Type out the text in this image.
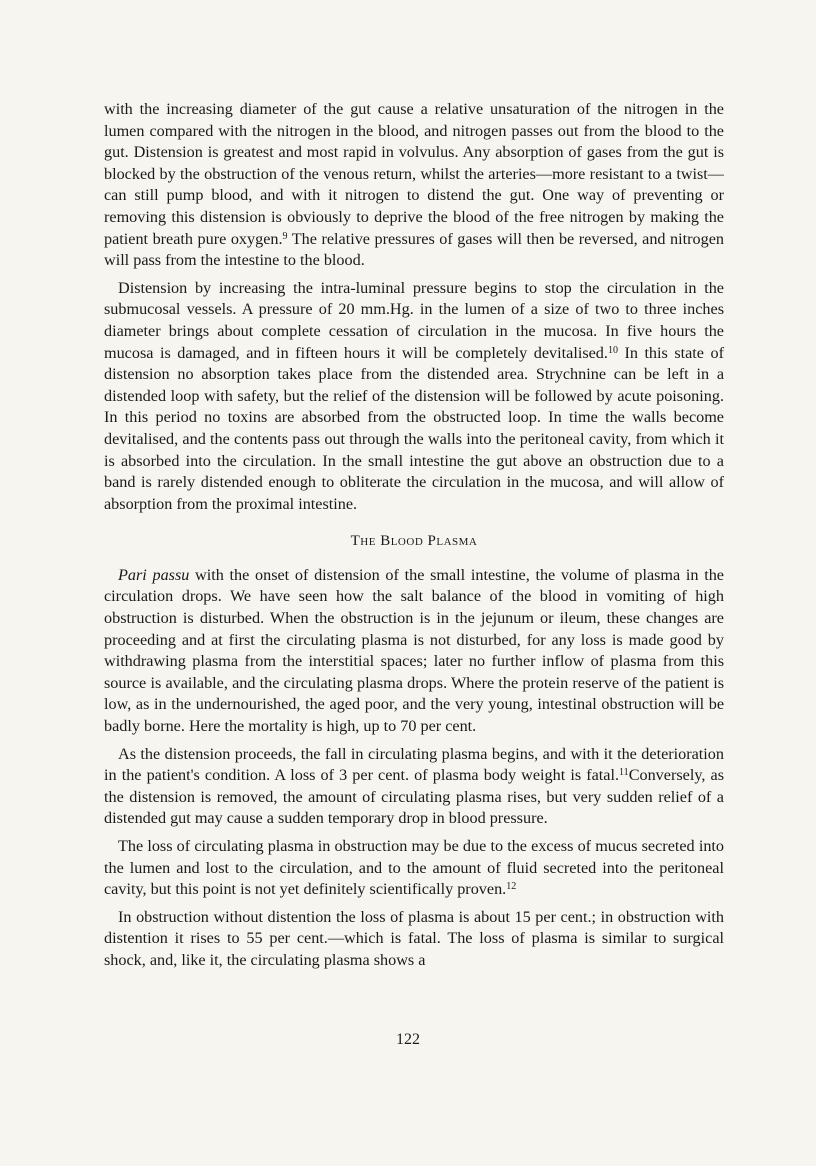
with the increasing diameter of the gut cause a relative unsaturation of the nitrogen in the lumen compared with the nitrogen in the blood, and nitrogen passes out from the blood to the gut. Distension is greatest and most rapid in volvulus. Any absorption of gases from the gut is blocked by the obstruction of the venous return, whilst the arteries—more resistant to a twist—can still pump blood, and with it nitrogen to distend the gut. One way of preventing or removing this distension is obviously to deprive the blood of the free nitrogen by making the patient breath pure oxygen.$^9$ The relative pressures of gases will then be reversed, and nitrogen will pass from the intestine to the blood.

Distension by increasing the intra-luminal pressure begins to stop the circulation in the submucosal vessels. A pressure of 20 mm.Hg. in the lumen of a size of two to three inches diameter brings about complete cessation of circulation in the mucosa. In five hours the mucosa is damaged, and in fifteen hours it will be completely devitalised.$^{10}$ In this state of distension no absorption takes place from the distended area. Strychnine can be left in a distended loop with safety, but the relief of the distension will be followed by acute poisoning. In this period no toxins are absorbed from the obstructed loop. In time the walls become devitalised, and the contents pass out through the walls into the peritoneal cavity, from which it is absorbed into the circulation. In the small intestine the gut above an obstruction due to a band is rarely distended enough to obliterate the circulation in the mucosa, and will allow of absorption from the proximal intestine.

The Blood Plasma

Pari passu with the onset of distension of the small intestine, the volume of plasma in the circulation drops. We have seen how the salt balance of the blood in vomiting of high obstruction is disturbed. When the obstruction is in the jejunum or ileum, these changes are proceeding and at first the circulating plasma is not disturbed, for any loss is made good by withdrawing plasma from the interstitial spaces; later no further inflow of plasma from this source is available, and the circulating plasma drops. Where the protein reserve of the patient is low, as in the undernourished, the aged poor, and the very young, intestinal obstruction will be badly borne. Here the mortality is high, up to 70 per cent.

As the distension proceeds, the fall in circulating plasma begins, and with it the deterioration in the patient's condition. A loss of 3 per cent. of plasma body weight is fatal.$^{11}$Conversely, as the distension is removed, the amount of circulating plasma rises, but very sudden relief of a distended gut may cause a sudden temporary drop in blood pressure.

The loss of circulating plasma in obstruction may be due to the excess of mucus secreted into the lumen and lost to the circulation, and to the amount of fluid secreted into the peritoneal cavity, but this point is not yet definitely scientifically proven.$^{12}$

In obstruction without distention the loss of plasma is about 15 per cent.; in obstruction with distention it rises to 55 per cent.—which is fatal. The loss of plasma is similar to surgical shock, and, like it, the circulating plasma shows a

122
